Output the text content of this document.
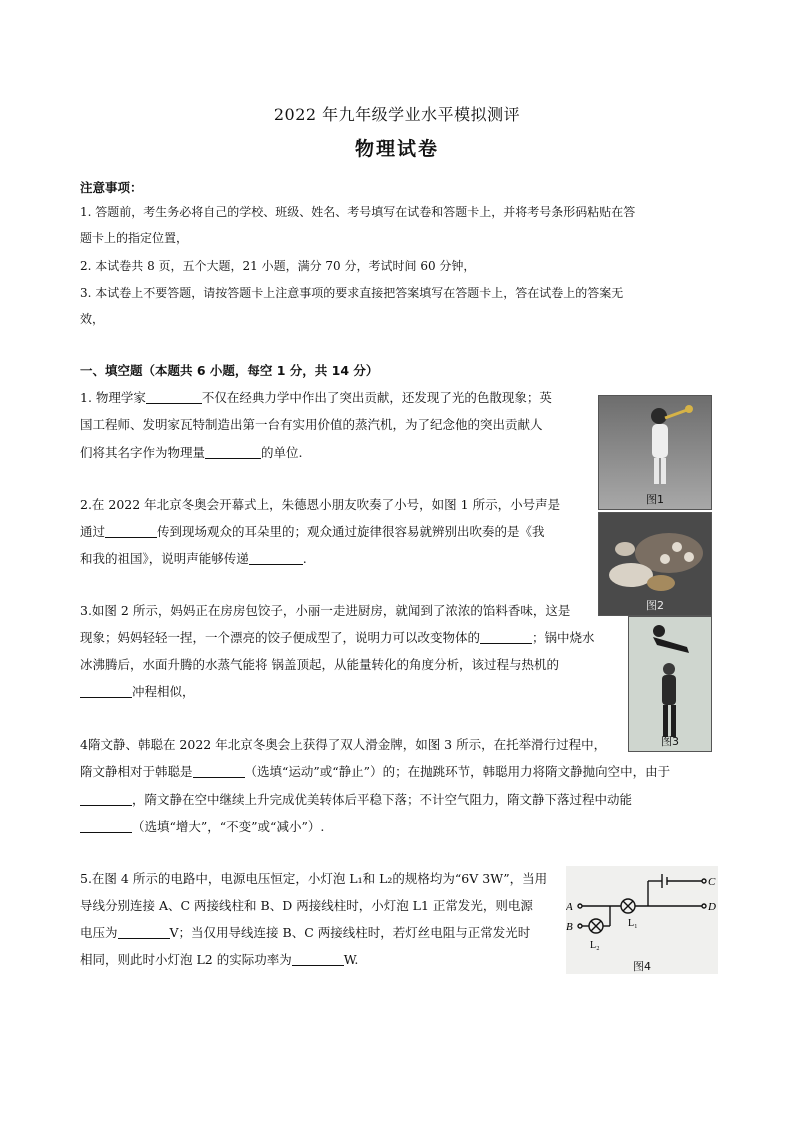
2022 年九年级学业水平模拟测评
物理试卷
注意事项：
1. 答题前，考生务必将自己的学校、班级、姓名、考号填写在试卷和答题卡上，并将考号条形码粘贴在答
题卡上的指定位置，
2. 本试卷共 8 页，五个大题，21 小题，满分 70 分，考试时间 60 分钟，
3. 本试卷上不要答题，请按答题卡上注意事项的要求直接把答案填写在答题卡上，答在试卷上的答案无
效，
一、填空题（本题共 6 小题，每空 1 分，共 14 分）
1. 物理学家	不仅在经典力学中作出了突出贡献，还发现了光的色散现象；英
国工程师、发明家瓦特制造出第一台有实用价值的蒸汽机，为了纪念他的突出贡献人
们将其名字作为物理量	的单位.
2.在 2022 年北京冬奥会开幕式上，朱德恩小朋友吹奏了小号，如图 1 所示，小号声是
通过	传到现场观众的耳朵里的；观众通过旋律很容易就辨别出吹奏的是《我
和我的祖国》，说明声能够传递	.
3.如图 2 所示，妈妈正在房房包饺子，小丽一走进厨房，就闻到了浓浓的馅料香味，这是
现象；妈妈轻轻一捏，一个漂亮的饺子便成型了，说明力可以改变物体的	；锅中烧水
冰沸腾后，水面升腾的水蒸气能将 锅盖顶起，从能量转化的角度分析，该过程与热机的
冲程相似，
4隋文静、韩聪在 2022 年北京冬奥会上获得了双人滑金牌，如图 3 所示，在托举滑行过程中，
隋文静相对于韩聪是	（选填“运动”或“静止”）的；在抛跳环节，韩聪用力将隋文静抛向空中，由于
，隋文静在空中继续上升完成优美转体后平稳下落；不计空气阻力，隋文静下落过程中动能
（选填“增大”，“不变”或“减小”）.
5.在图 4 所示的电路中，电源电压恒定，小灯泡 L₁和 L₂的规格均为“6V 3W”，当用
导线分别连接 A、C 两接线柱和 B、D 两接线柱时，小灯泡 L1 正常发光，则电源
电压为	V；当仅用导线连接 B、C 两接线柱时，若灯丝电阻与正常发光时
相同，则此时小灯泡 L2 的实际功率为	W.
图1
图2
图3
A
B
C
D
L₁
L₂
图4
